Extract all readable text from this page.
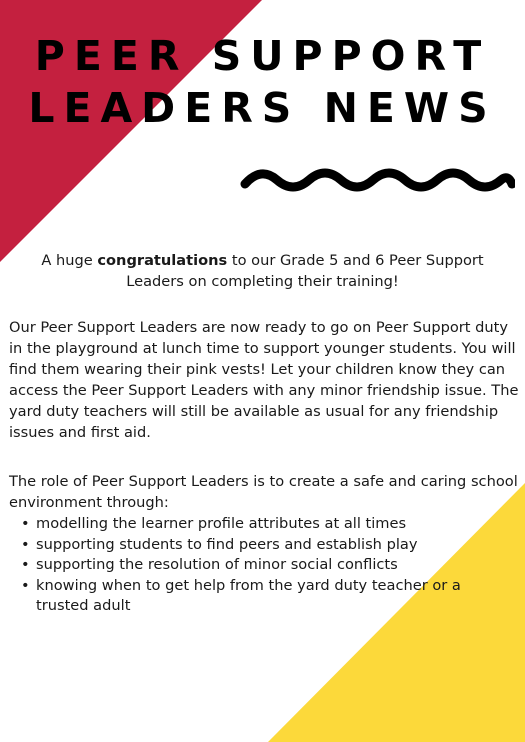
PEER SUPPORT
LEADERS NEWS

A huge congratulations to our Grade 5 and 6 Peer Support Leaders on completing their training!

Our Peer Support Leaders are now ready to go on Peer Support duty in the playground at lunch time to support younger students. You will find them wearing their pink vests! Let your children know they can access the Peer Support Leaders with any minor friendship issue. The yard duty teachers will still be available as usual for any friendship issues and first aid.

The role of Peer Support Leaders is to create a safe and caring school environment through:

• modelling the learner profile attributes at all times
• supporting students to find peers and establish play
• supporting the resolution of minor social conflicts
• knowing when to get help from the yard duty teacher or a trusted adult
